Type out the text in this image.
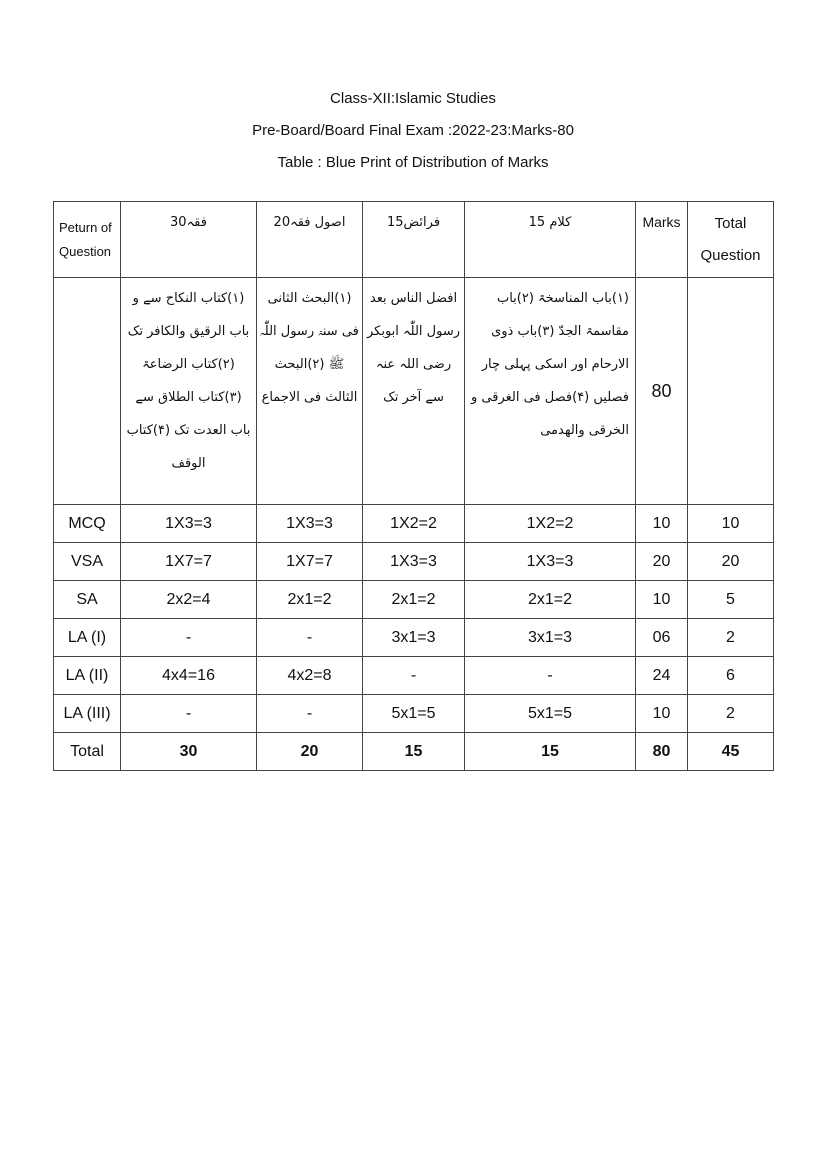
Class-XII:Islamic Studies
Pre-Board/Board Final Exam :2022-23:Marks-80
Table : Blue Print of Distribution of Marks
Peturn of Question	فقہ30	اصول فقہ20	فرائض15	کلام 15	Marks	Total Question
	(۱)کتاب النکاح سے و باب الرقیق والکافر تک (۲)کتاب الرضاعۃ (۳)کتاب الطلاق سے باب العدت تک (۴)کتاب الوقف	(۱)البحث الثانی فی سنۃ رسول اللّٰہ ﷺ (۲)البحث الثالث فی الاجماع	افضل الناس بعد رسول اللّٰہ ابوبکر رضی اللہ عنہ سے آخر تک	(۱)باب المناسخۃ (۲)باب مقاسمۃ الجدّ (۳)باب ذوی الارحام اور اسکی پہلی چار فصلیں (۴)فصل فی الغرقی و الخرقی والھدمی	80	
MCQ	1X3=3	1X3=3	1X2=2	1X2=2	10	10
VSA	1X7=7	1X7=7	1X3=3	1X3=3	20	20
SA	2x2=4	2x1=2	2x1=2	2x1=2	10	5
LA (I)	-	-	3x1=3	3x1=3	06	2
LA (II)	4x4=16	4x2=8	-	-	24	6
LA (III)	-	-	5x1=5	5x1=5	10	2
Total	30	20	15	15	80	45
